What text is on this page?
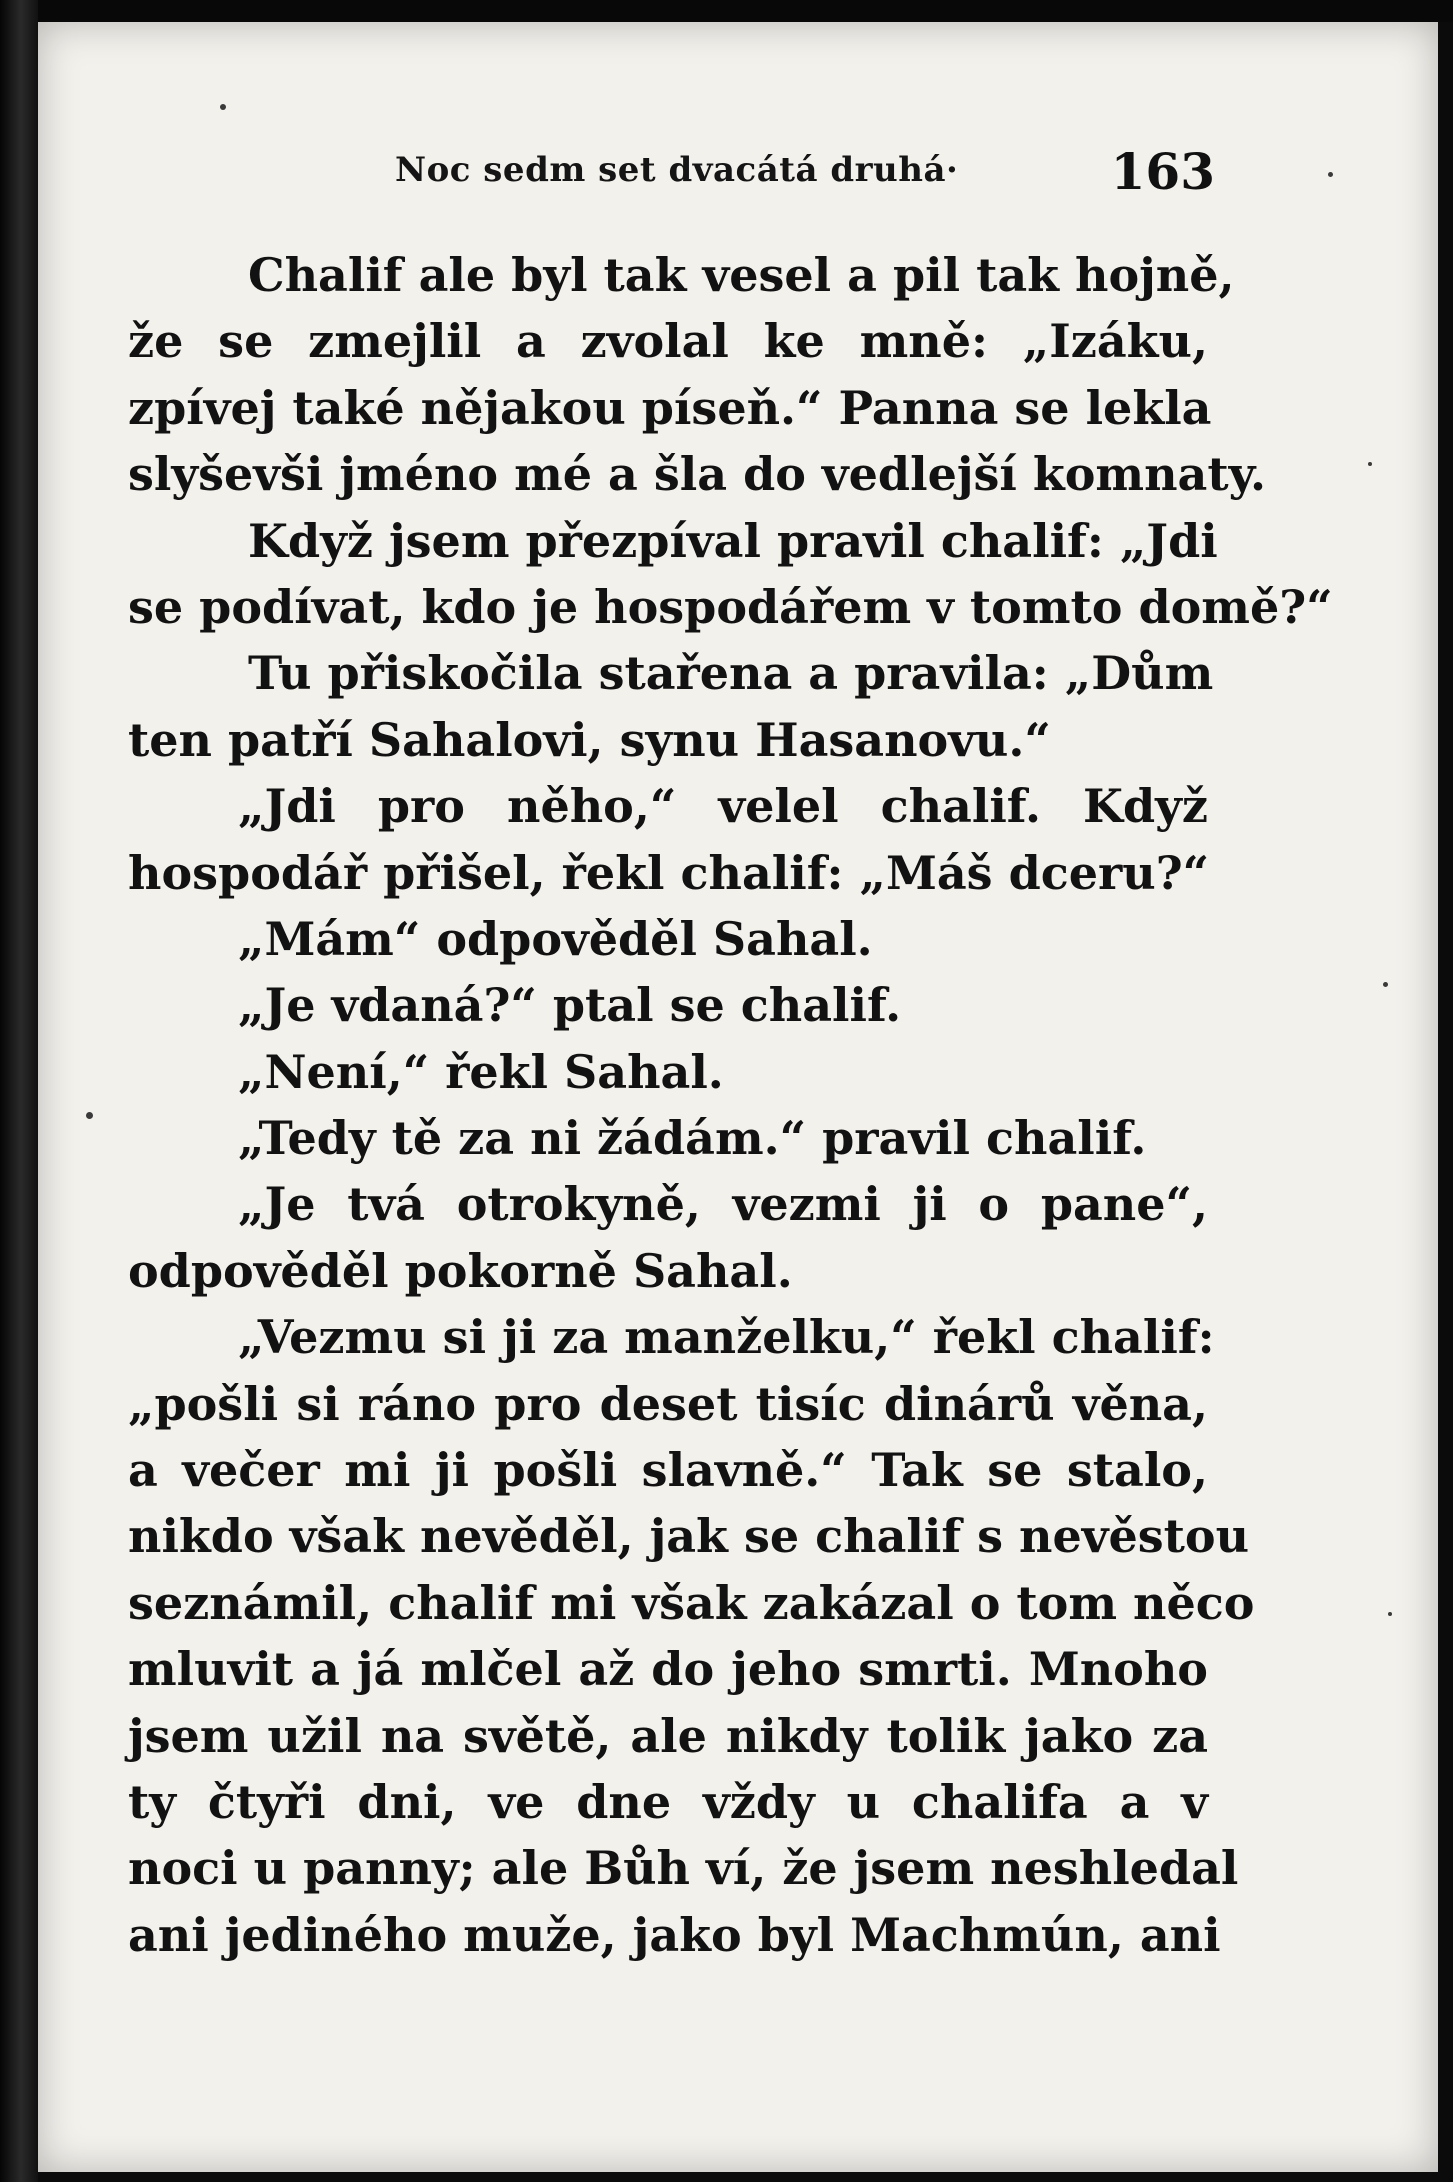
Noc sedm set dvacátá druhá·	163
Chalif ale byl tak vesel a pil tak hojně,
že se zmejlil a zvolal ke mně: „Izáku,
zpívej také nějakou píseň.“ Panna se lekla
slyševši jméno mé a šla do vedlejší komnaty.
Když jsem přezpíval pravil chalif: „Jdi
se podívat, kdo je hospodářem v tomto domě?“
Tu přiskočila stařena a pravila: „Dům
ten patří Sahalovi, synu Hasanovu.“
„Jdi pro něho,“ velel chalif. Když
hospodář přišel, řekl chalif: „Máš dceru?“
„Mám“ odpověděl Sahal.
„Je vdaná?“ ptal se chalif.
„Není,“ řekl Sahal.
„Tedy tě za ni žádám.“ pravil chalif.
„Je tvá otrokyně, vezmi ji o pane“,
odpověděl pokorně Sahal.
„Vezmu si ji za manželku,“ řekl chalif:
„pošli si ráno pro deset tisíc dinárů věna,
a večer mi ji pošli slavně.“ Tak se stalo,
nikdo však nevěděl, jak se chalif s nevěstou
seznámil, chalif mi však zakázal o tom něco
mluvit a já mlčel až do jeho smrti. Mnoho
jsem užil na světě, ale nikdy tolik jako za
ty čtyři dni, ve dne vždy u chalifa a v
noci u panny; ale Bůh ví, že jsem neshledal
ani jediného muže, jako byl Machmún, ani
